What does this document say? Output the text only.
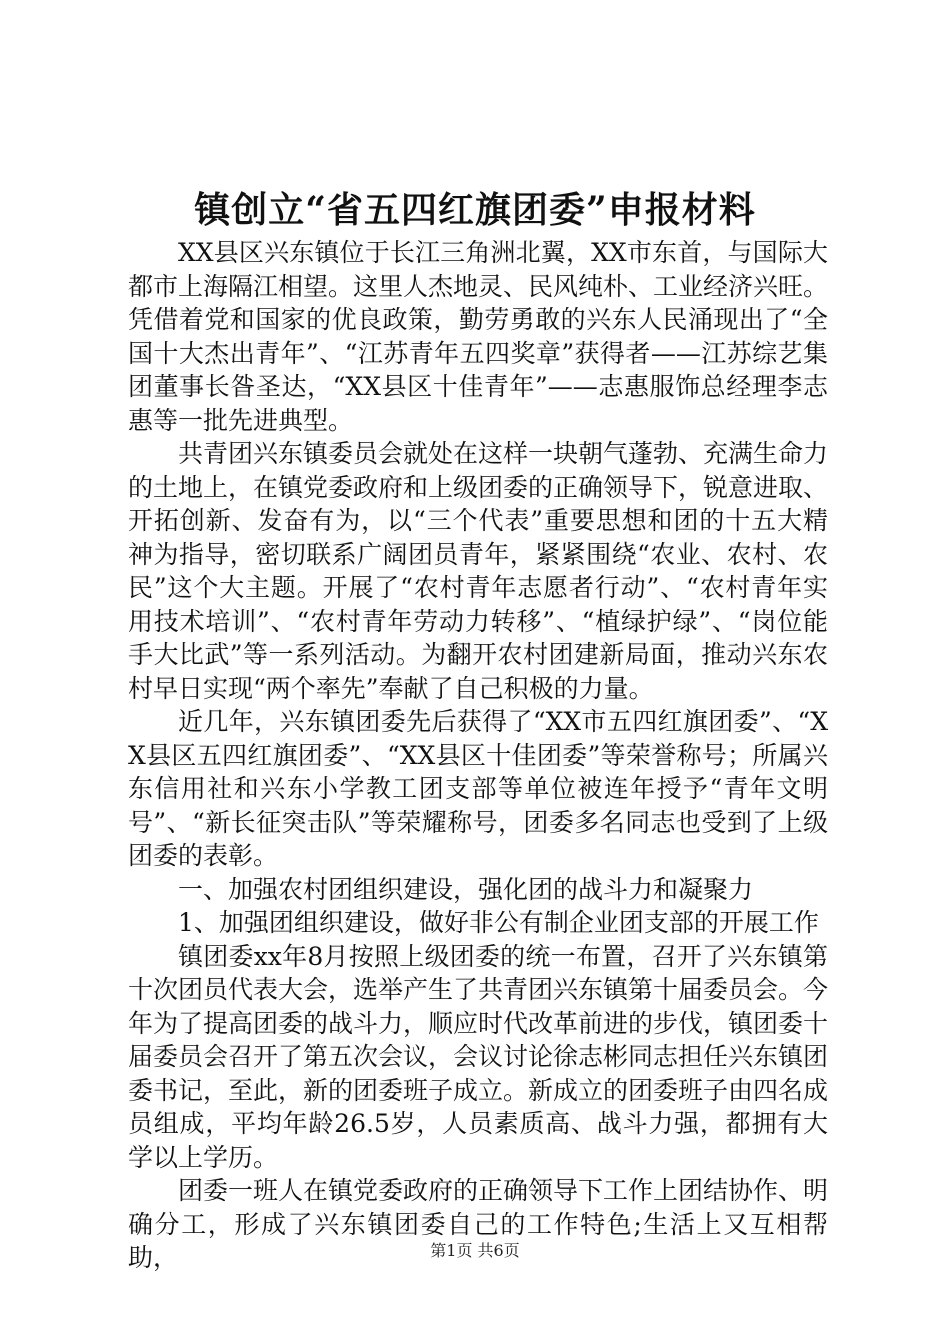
镇创立“省五四红旗团委”申报材料

XX县区兴东镇位于长江三角洲北翼，XX市东首，与国际大都市上海隔江相望。这里人杰地灵、民风纯朴、工业经济兴旺。凭借着党和国家的优良政策，勤劳勇敢的兴东人民涌现出了“全国十大杰出青年”、“江苏青年五四奖章”获得者——江苏综艺集团董事长昝圣达，“XX县区十佳青年”——志惠服饰总经理李志惠等一批先进典型。

共青团兴东镇委员会就处在这样一块朝气蓬勃、充满生命力的土地上，在镇党委政府和上级团委的正确领导下，锐意进取、开拓创新、发奋有为，以“三个代表”重要思想和团的十五大精神为指导，密切联系广阔团员青年，紧紧围绕“农业、农村、农民”这个大主题。开展了“农村青年志愿者行动”、“农村青年实用技术培训”、“农村青年劳动力转移”、“植绿护绿”、“岗位能手大比武”等一系列活动。为翻开农村团建新局面，推动兴东农村早日实现“两个率先”奉献了自己积极的力量。

近几年，兴东镇团委先后获得了“XX市五四红旗团委”、“XX县区五四红旗团委”、“XX县区十佳团委”等荣誉称号；所属兴东信用社和兴东小学教工团支部等单位被连年授予“青年文明号”、“新长征突击队”等荣耀称号，团委多名同志也受到了上级团委的表彰。

一、加强农村团组织建设，强化团的战斗力和凝聚力

1、加强团组织建设，做好非公有制企业团支部的开展工作

镇团委xx年8月按照上级团委的统一布置，召开了兴东镇第十次团员代表大会，选举产生了共青团兴东镇第十届委员会。今年为了提高团委的战斗力，顺应时代改革前进的步伐，镇团委十届委员会召开了第五次会议，会议讨论徐志彬同志担任兴东镇团委书记，至此，新的团委班子成立。新成立的团委班子由四名成员组成，平均年龄26.5岁，人员素质高、战斗力强，都拥有大学以上学历。

团委一班人在镇党委政府的正确领导下工作上团结协作、明确分工，形成了兴东镇团委自己的工作特色;生活上又互相帮助，	第1页 共6页
